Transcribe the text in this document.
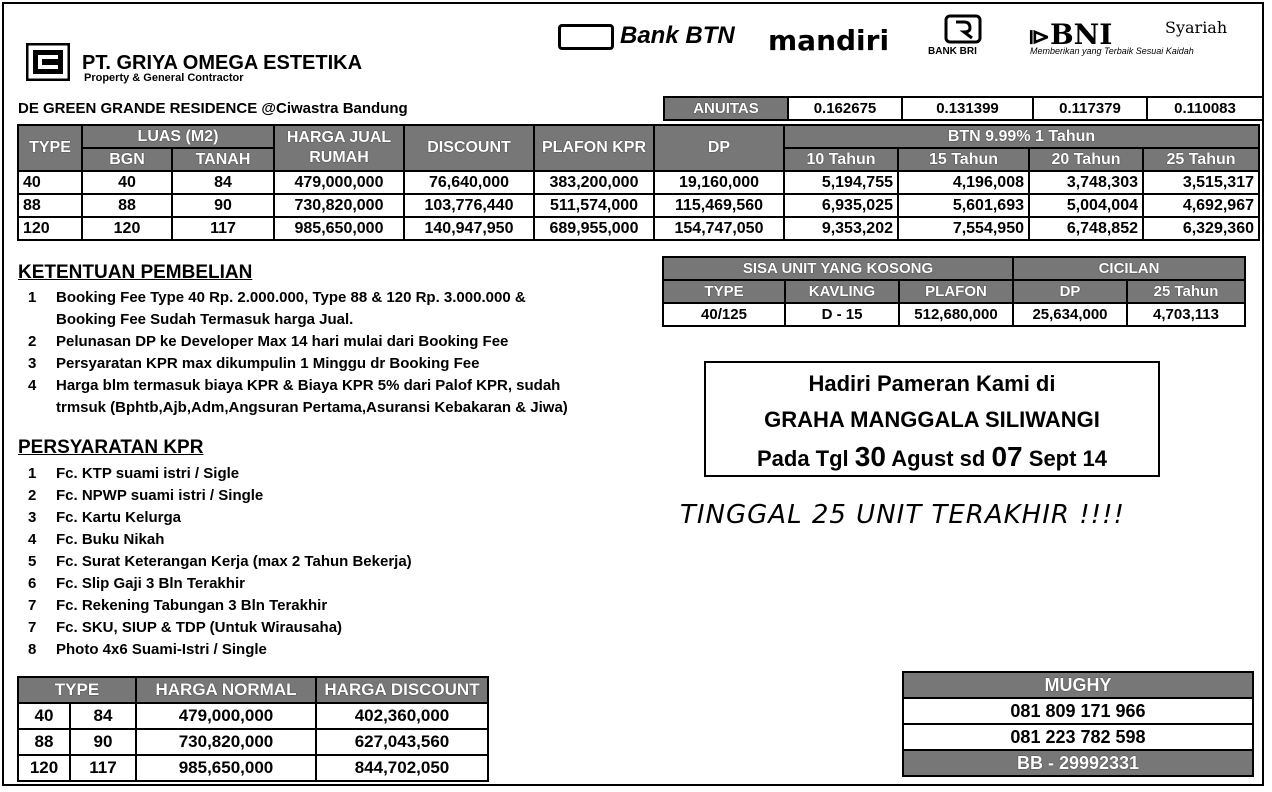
PT. GRIYA OMEGA ESTETIKA
Property & General Contractor
Bank BTN mandiri	BANK BRI
⧐BNI	Syariah
Memberikan yang Terbaik Sesuai Kaidah
DE GREEN GRANDE RESIDENCE @Ciwastra Bandung	ANUITAS	0.162675	0.131399	0.117379	0.110083
TYPE	LUAS (M2)		HARGA JUAL RUMAH	DISCOUNT	PLAFON KPR	DP	BTN 9.99% 1 Tahun			
	BGN	TANAH					10 Tahun	15 Tahun	20 Tahun	25 Tahun
40	40	84	479,000,000	76,640,000	383,200,000	19,160,000	5,194,755	4,196,008	3,748,303	3,515,317
88	88	90	730,820,000	103,776,440	511,574,000	115,469,560	6,935,025	5,601,693	5,004,004	4,692,967
120	120	117	985,650,000	140,947,950	689,955,000	154,747,050	9,353,202	7,554,950	6,748,852	6,329,360
SISA UNIT YANG KOSONG			CICILAN	
TYPE	KAVLING	PLAFON	DP	25 Tahun
40/125	D - 15	512,680,000	25,634,000	4,703,113
KETENTUAN PEMBELIAN
1	Booking Fee Type 40 Rp. 2.000.000, Type 88 & 120 Rp. 3.000.000 &
Booking Fee Sudah Termasuk harga Jual.
2	Pelunasan DP ke Developer Max 14 hari mulai dari Booking Fee
3	Persyaratan KPR max dikumpulin 1 Minggu dr Booking Fee
4	Harga blm termasuk biaya KPR & Biaya KPR 5% dari Palof KPR, sudah
trmsuk (Bphtb,Ajb,Adm,Angsuran Pertama,Asuransi Kebakaran & Jiwa)
PERSYARATAN KPR
1	Fc. KTP suami istri / Sigle
2	Fc. NPWP suami istri / Single
3	Fc. Kartu Kelurga
4	Fc. Buku Nikah
5	Fc. Surat Keterangan Kerja (max 2 Tahun Bekerja)
6	Fc. Slip Gaji 3 Bln Terakhir
7	Fc. Rekening Tabungan 3 Bln Terakhir
7	Fc. SKU, SIUP & TDP (Untuk Wirausaha)
8	Photo 4x6 Suami-Istri / Single
Hadiri Pameran Kami di
GRAHA MANGGALA SILIWANGI
Pada Tgl 30 Agust sd 07 Sept 14
TINGGAL 25 UNIT TERAKHIR !!!!
TYPE		HARGA NORMAL	HARGA DISCOUNT
40	84	479,000,000	402,360,000
88	90	730,820,000	627,043,560
120	117	985,650,000	844,702,050
MUGHY
081 809 171 966
081 223 782 598
BB - 29992331
